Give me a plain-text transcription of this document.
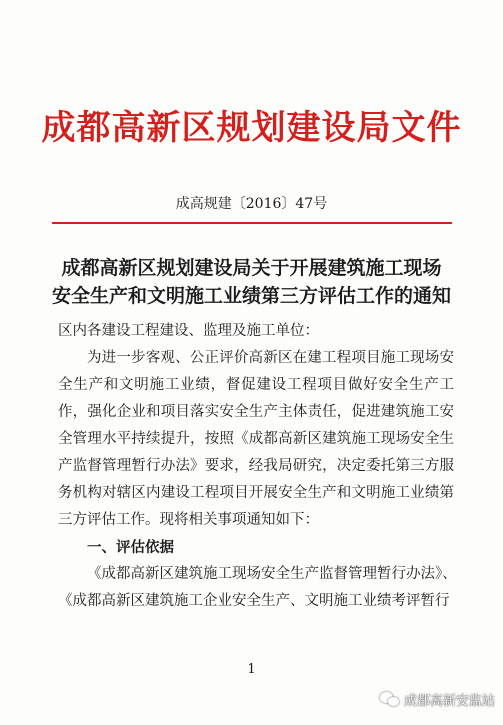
成都高新区规划建设局文件
成高规建〔2016〕47号
成都高新区规划建设局关于开展建筑施工现场
安全生产和文明施工业绩第三方评估工作的通知
区内各建设工程建设、监理及施工单位：
为进一步客观、公正评价高新区在建工程项目施工现场安全生产和文明施工业绩，督促建设工程项目做好安全生产工作，强化企业和项目落实安全生产主体责任，促进建筑施工安全管理水平持续提升，按照《成都高新区建筑施工现场安全生产监督管理暂行办法》要求，经我局研究，决定委托第三方服务机构对辖区内建设工程项目开展安全生产和文明施工业绩第三方评估工作。现将相关事项通知如下：
一、评估依据
《成都高新区建筑施工现场安全生产监督管理暂行办法》、
《成都高新区建筑施工企业安全生产、文明施工业绩考评暂行
1
成都高新安监站
